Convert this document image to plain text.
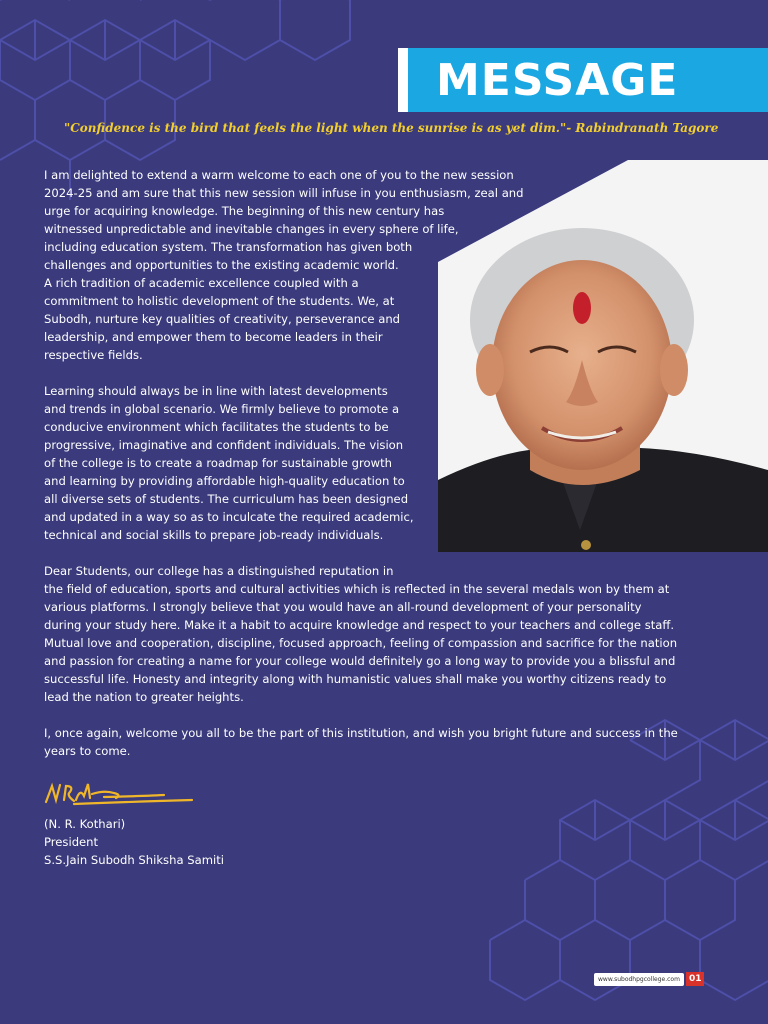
MESSAGE
"Confidence is the bird that feels the light when the sunrise is as yet dim."- Rabindranath Tagore
I am delighted to extend a warm welcome to each one of you to the new session
2024-25 and am sure that this new session will infuse in you enthusiasm, zeal and
urge for acquiring knowledge. The beginning of this new century has
witnessed unpredictable and inevitable changes in every sphere of life,
including education system. The transformation has given both
challenges and opportunities to the existing academic world.
A rich tradition of academic excellence coupled with a
commitment to holistic development of the students. We, at
Subodh, nurture key qualities of creativity, perseverance and
leadership, and empower them to become leaders in their
respective fields.
Learning should always be in line with latest developments
and trends in global scenario. We firmly believe to promote a
conducive environment which facilitates the students to be
progressive, imaginative and confident individuals. The vision
of the college is to create a roadmap for sustainable growth
and learning by providing affordable high-quality education to
all diverse sets of students. The curriculum has been designed
and updated in a way so as to inculcate the required academic,
technical and social skills to prepare job-ready individuals.
Dear Students, our college has a distinguished reputation in
the field of education, sports and cultural activities which is reflected in the several medals won by them at
various platforms. I strongly believe that you would have an all-round development of your personality
during your study here. Make it a habit to acquire knowledge and respect to your teachers and college staff.
Mutual love and cooperation, discipline, focused approach, feeling of compassion and sacrifice for the nation
and passion for creating a name for your college would definitely go a long way to provide you a blissful and
successful life. Honesty and integrity along with humanistic values shall make you worthy citizens ready to
lead the nation to greater heights.
I, once again, welcome you all to be the part of this institution, and wish you bright future and success in the
years to come.
(N. R. Kothari)
President
S.S.Jain Subodh Shiksha Samiti
www.subodhpgcollege.com	01
